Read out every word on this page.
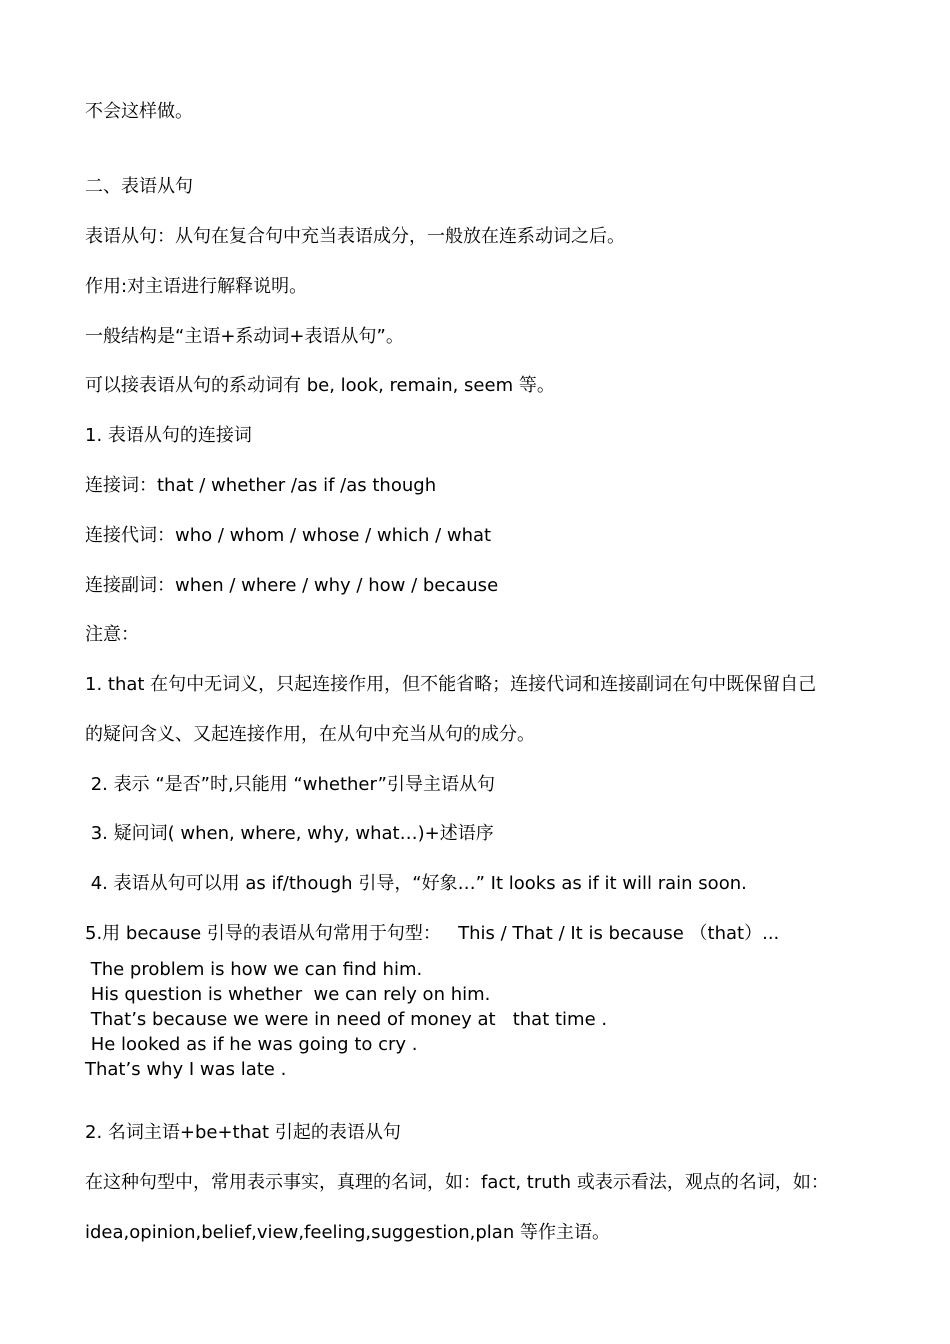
不会这样做。
二、表语从句
表语从句：从句在复合句中充当表语成分，一般放在连系动词之后。
作用:对主语进行解释说明。
一般结构是“主语+系动词+表语从句”。
可以接表语从句的系动词有 be, look, remain, seem 等。
1. 表语从句的连接词
连接词：that / whether /as if /as though
连接代词：who / whom / whose / which / what
连接副词：when / where / why / how / because
注意：
1. that 在句中无词义，只起连接作用，但不能省略；连接代词和连接副词在句中既保留自己
的疑问含义、又起连接作用，在从句中充当从句的成分。
2. 表示 “是否”时,只能用 “whether”引导主语从句
3. 疑问词( when, where, why, what…)+述语序
4. 表语从句可以用 as if/though 引导，“好象…” It looks as if it will rain soon.
5.用 because 引导的表语从句常用于句型：   This / That / It is because （that）...
The problem is how we can find him.
His question is whether  we can rely on him.
That’s because we were in need of money at   that time .
He looked as if he was going to cry .
That’s why I was late .
2. 名词主语+be+that 引起的表语从句
在这种句型中，常用表示事实，真理的名词，如：fact, truth 或表示看法，观点的名词，如：
idea,opinion,belief,view,feeling,suggestion,plan 等作主语。
